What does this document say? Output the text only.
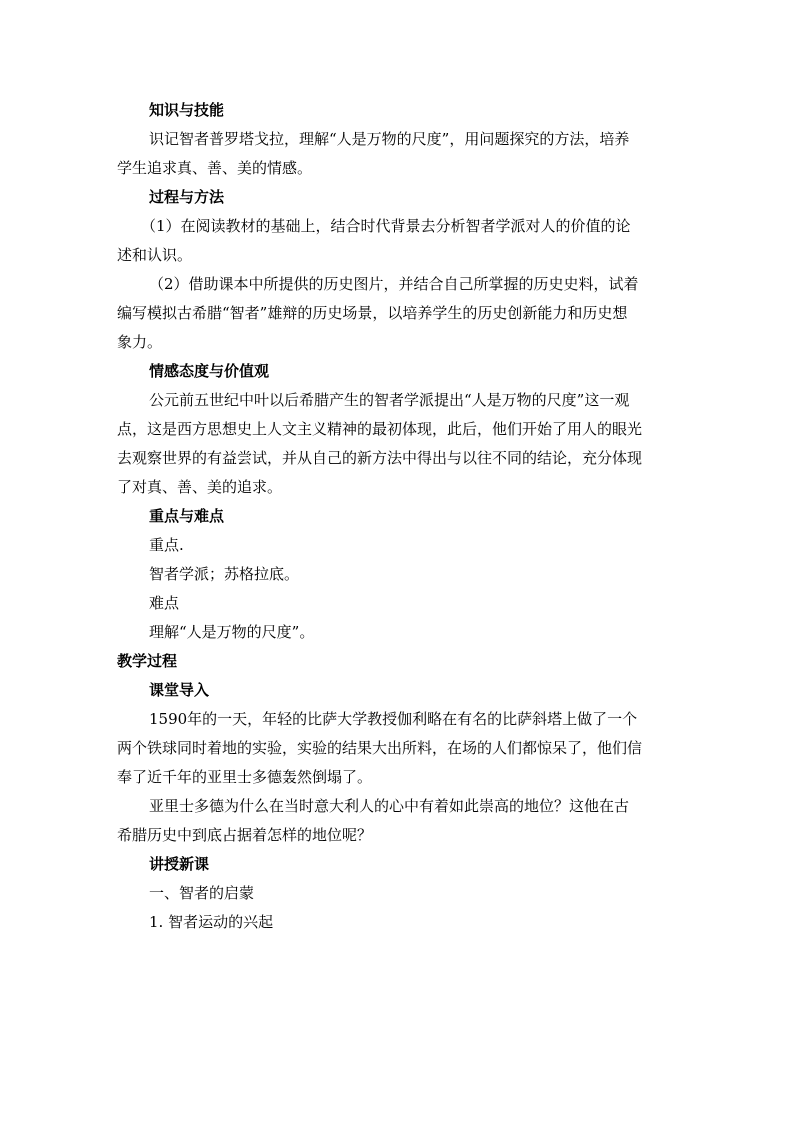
知识与技能

识记智者普罗塔戈拉，理解“人是万物的尺度”，用问题探究的方法，培养

学生追求真、善、美的情感。

过程与方法

（1）在阅读教材的基础上，结合时代背景去分析智者学派对人的价值的论

述和认识。

（2）借助课本中所提供的历史图片，并结合自己所掌握的历史史料，试着

编写模拟古希腊“智者”雄辩的历史场景，以培养学生的历史创新能力和历史想

象力。

情感态度与价值观

公元前五世纪中叶以后希腊产生的智者学派提出“人是万物的尺度”这一观

点，这是西方思想史上人文主义精神的最初体现，此后，他们开始了用人的眼光

去观察世界的有益尝试，并从自己的新方法中得出与以往不同的结论，充分体现

了对真、善、美的追求。

重点与难点

重点.

智者学派；苏格拉底。

难点

理解“人是万物的尺度”。

教学过程

课堂导入

1590年的一天，年轻的比萨大学教授伽利略在有名的比萨斜塔上做了一个

两个铁球同时着地的实验，实验的结果大出所料，在场的人们都惊呆了，他们信

奉了近千年的亚里士多德轰然倒塌了。

亚里士多德为什么在当时意大利人的心中有着如此崇高的地位？这他在古

希腊历史中到底占据着怎样的地位呢？

讲授新课

一、智者的启蒙

1. 智者运动的兴起
